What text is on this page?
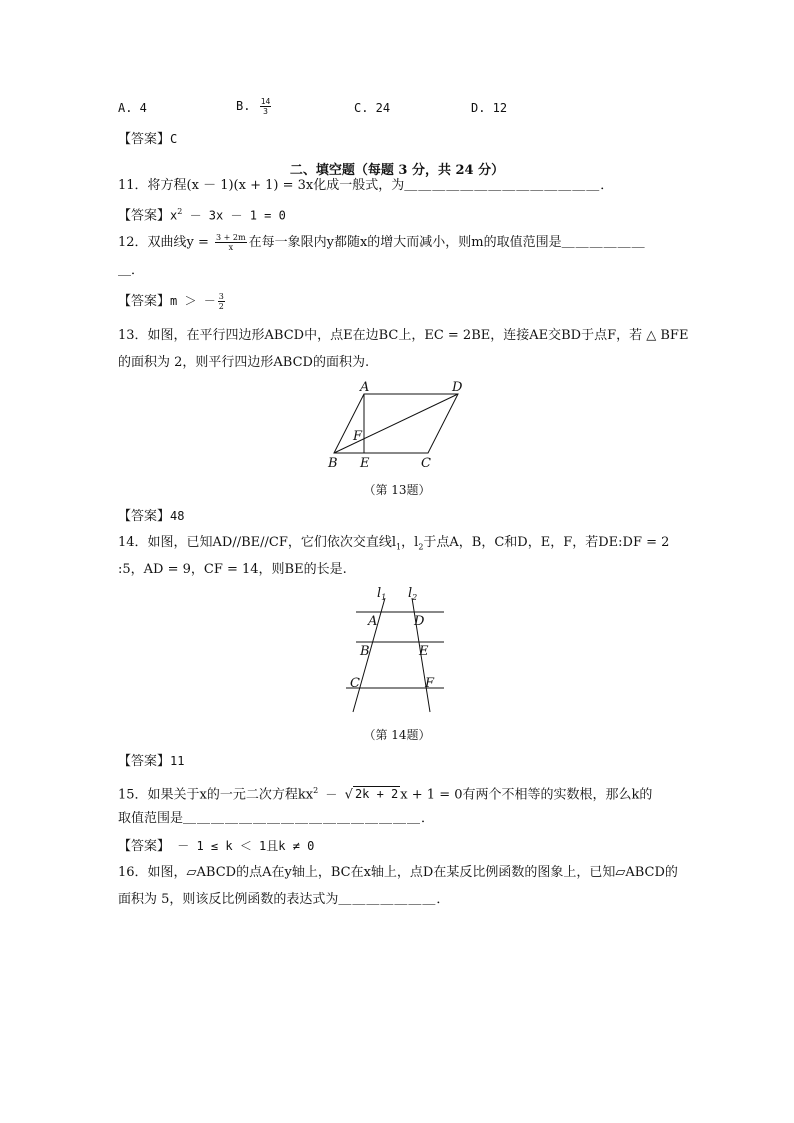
A. 4	B. $\frac{14}{3}$	C. 24	D. 12
【答案】C
二、填空题（每题 3 分，共 24 分）
11．将方程(x － 1)(x + 1) = 3x化成一般式，为＿＿＿＿＿＿＿＿＿＿＿＿＿＿．
【答案】$x^2 - 3x - 1 = 0$
12．双曲线$y = \frac{3 + 2m}{x}$ 在每一象限内y都随x的增大而减小，则m的取值范围是＿＿＿＿＿＿
＿．
【答案】m ＞ － $\frac{3}{2}$
13．如图，在平行四边形ABCD中，点E在边BC上，EC = 2BE，连接AE交BD于点F，若 △ BFE
的面积为 2，则平行四边形ABCD的面积为.
A	D
F
B E	C
（第 13题）
【答案】48
14．如图，已知AD//BE//CF，它们依次交直线$l_1$，$l_2$于点A，B，C和D，E，F，若DE:DF = 2
:5，AD = 9，CF = 14，则BE的长是.
$l_1$ $l_2$
A	D
B	E
C	F
（第 14题）
【答案】11
15．如果关于x的一元二次方程$kx^2$ － √ 2k + 2 x + 1 = 0有两个不相等的实数根，那么k的
取值范围是＿＿＿＿＿＿＿＿＿＿＿＿＿＿＿＿＿．
【答案】 － 1 ≤ k ＜ 1且k ≠ 0
16．如图，▱ABCD的点A在y轴上，BC在x轴上，点D在某反比例函数的图象上，已知▱ABCD的
面积为 5，则该反比例函数的表达式为＿＿＿＿＿＿＿．
